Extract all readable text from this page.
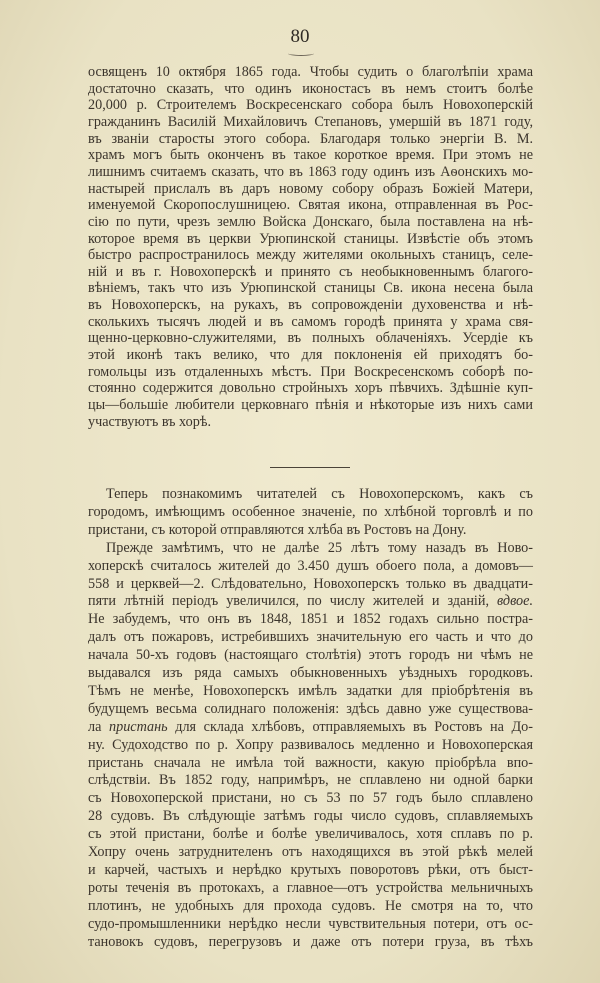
80
освященъ 10 октября 1865 года. Чтобы судить о благолѣпіи храма
достаточно сказать, что одинъ иконостасъ въ немъ стоитъ болѣе
20,000 р. Строителемъ Воскресенскаго собора былъ Новохоперскій
гражданинъ Василій Михайловичъ Степановъ, умершій въ 1871 году,
въ званіи старосты этого собора. Благодаря только энергіи В. М.
храмъ могъ быть оконченъ въ такое короткое время. При этомъ не
лишнимъ считаемъ сказать, что въ 1863 году одинъ изъ Аѳонскихъ мо-
настырей прислалъ въ даръ новому собору образъ Божіей Матери,
именуемой Скоропослушницею. Святая икона, отправленная въ Рос-
сію по пути, чрезъ землю Войска Донскаго, была поставлена на нѣ-
которое время въ церкви Урюпинской станицы. Извѣстіе объ этомъ
быстро распространилось между жителями окольныхъ станицъ, селе-
ній и въ г. Новохоперскѣ и принято съ необыкновеннымъ благого-
вѣніемъ, такъ что изъ Урюпинской станицы Св. икона несена была
въ Новохоперскъ, на рукахъ, въ сопровожденіи духовенства и нѣ-
сколькихъ тысячъ людей и въ самомъ городѣ принята у храма свя-
щенно-церковно-служителями, въ полныхъ облаченіяхъ. Усердіе къ
этой иконѣ такъ велико, что для поклоненія ей приходятъ бо-
гомольцы изъ отдаленныхъ мѣстъ. При Воскресенскомъ соборѣ по-
стоянно содержится довольно стройныхъ хоръ пѣвчихъ. Здѣшніе куп-
цы—большіе любители церковнаго пѣнія и нѣкоторые изъ нихъ сами
участвуютъ въ хорѣ.
Теперь познакомимъ читателей съ Новохоперскомъ, какъ съ
городомъ, имѣющимъ особенное значеніе, по хлѣбной торговлѣ и по
пристани, съ которой отправляются хлѣба въ Ростовъ на Дону.
Прежде замѣтимъ, что не далѣе 25 лѣтъ тому назадъ въ Ново-
хоперскѣ считалось жителей до 3.450 душъ обоего пола, а домовъ—
558 и церквей—2. Слѣдовательно, Новохоперскъ только въ двадцати-
пяти лѣтній періодъ увеличился, по числу жителей и зданій, вдвое.
Не забудемъ, что онъ въ 1848, 1851 и 1852 годахъ сильно постра-
далъ отъ пожаровъ, истребившихъ значительную его часть и что до
начала 50-хъ годовъ (настоящаго столѣтія) этотъ городъ ни чѣмъ не
выдавался изъ ряда самыхъ обыкновенныхъ уѣздныхъ городковъ.
Тѣмъ не менѣе, Новохоперскъ имѣлъ задатки для пріобрѣтенія въ
будущемъ весьма солиднаго положенія: здѣсь давно уже существова-
ла пристань для склада хлѣбовъ, отправляемыхъ въ Ростовъ на До-
ну. Судоходство по р. Хопру развивалось медленно и Новохоперская
пристань сначала не имѣла той важности, какую пріобрѣла впо-
слѣдствіи. Въ 1852 году, напримѣръ, не сплавлено ни одной барки
съ Новохоперской пристани, но съ 53 по 57 годъ было сплавлено
28 судовъ. Въ слѣдующіе затѣмъ годы число судовъ, сплавляемыхъ
съ этой пристани, болѣе и болѣе увеличивалось, хотя сплавъ по р.
Хопру очень затруднителенъ отъ находящихся въ этой рѣкѣ мелей
и карчей, частыхъ и нерѣдко крутыхъ поворотовъ рѣки, отъ быст-
роты теченія въ протокахъ, а главное—отъ устройства мельничныхъ
плотинъ, не удобныхъ для прохода судовъ. Не смотря на то, что
судо-промышленники нерѣдко несли чувствительныя потери, отъ ос-
тановокъ судовъ, перегрузовъ и даже отъ потери груза, въ тѣхъ
